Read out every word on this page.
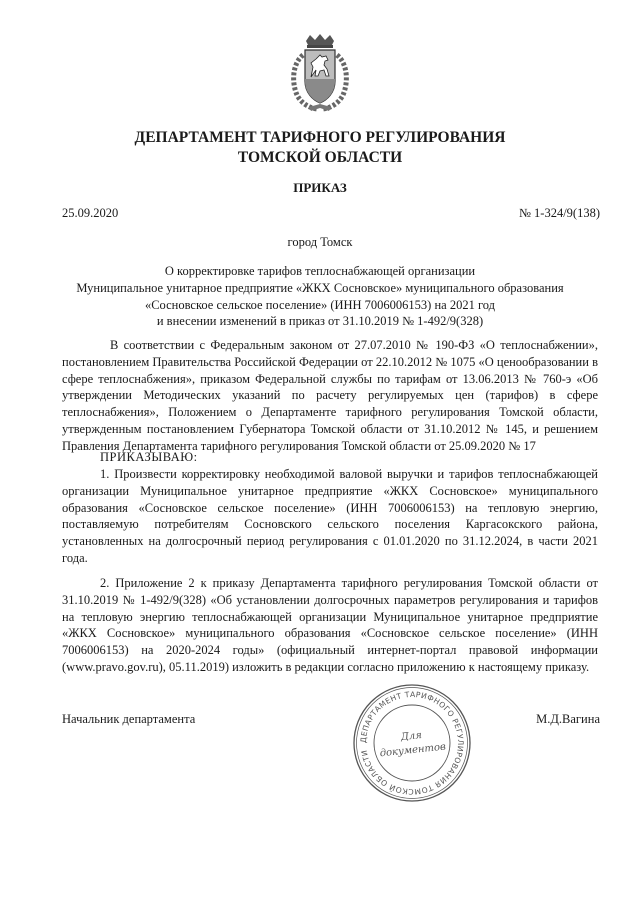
ДЕПАРТАМЕНТ ТАРИФНОГО РЕГУЛИРОВАНИЯ
ТОМСКОЙ ОБЛАСТИ
ПРИКАЗ
25.09.2020	№ 1-324/9(138)
город Томск
О корректировке тарифов теплоснабжающей организации
Муниципальное унитарное предприятие «ЖКХ Сосновское» муниципального образования
«Сосновское сельское поселение» (ИНН 7006006153) на 2021 год
и внесении изменений в приказ от 31.10.2019 № 1-492/9(328)
В соответствии с Федеральным законом от 27.07.2010 № 190-ФЗ «О теплоснабжении», постановлением Правительства Российской Федерации от 22.10.2012 № 1075 «О ценообразовании в сфере теплоснабжения», приказом Федеральной службы по тарифам от 13.06.2013 № 760-э «Об утверждении Методических указаний по расчету регулируемых цен (тарифов) в сфере теплоснабжения», Положением о Департаменте тарифного регулирования Томской области, утвержденным постановлением Губернатора Томской области от 31.10.2012 № 145, и решением Правления Департамента тарифного регулирования Томской области от 25.09.2020 № 17
ПРИКАЗЫВАЮ:
1. Произвести корректировку необходимой валовой выручки и тарифов теплоснабжающей организации Муниципальное унитарное предприятие «ЖКХ Сосновское» муниципального образования «Сосновское сельское поселение» (ИНН 7006006153) на тепловую энергию, поставляемую потребителям Сосновского сельского поселения Каргасокского района, установленных на долгосрочный период регулирования с 01.01.2020 по 31.12.2024, в части 2021 года.
2. Приложение 2 к приказу Департамента тарифного регулирования Томской области от 31.10.2019 № 1-492/9(328) «Об установлении долгосрочных параметров регулирования и тарифов на тепловую энергию теплоснабжающей организации Муниципальное унитарное предприятие «ЖКХ Сосновское» муниципального образования «Сосновское сельское поселение» (ИНН 7006006153) на 2020-2024 годы» (официальный интернет-портал правовой информации (www.pravo.gov.ru), 05.11.2019) изложить в редакции согласно приложению к настоящему приказу.
Начальник департамента	М.Д.Вагина
ДЕПАРТАМЕНТ ТАРИФНОГО РЕГУЛИРОВАНИЯ ТОМСКОЙ ОБЛАСТИ
Для
документов
